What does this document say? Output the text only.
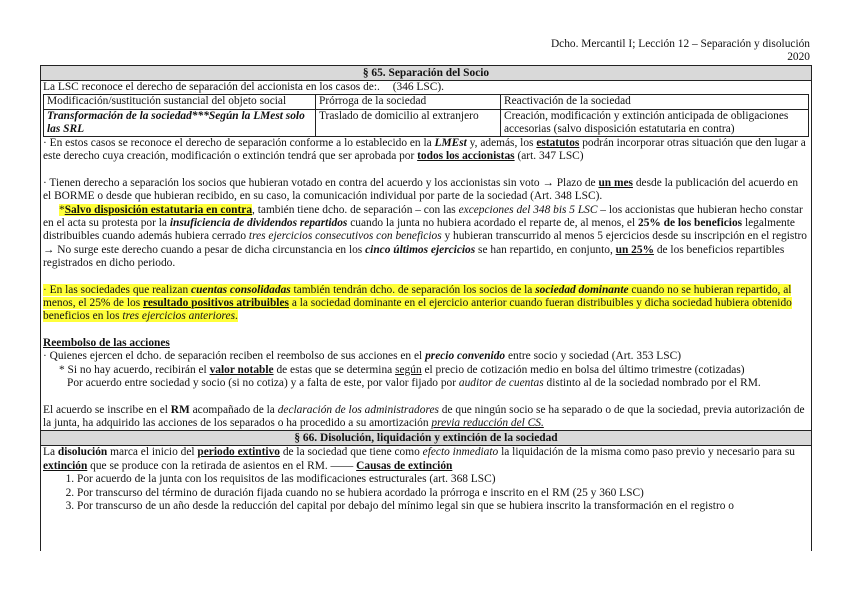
Dcho. Mercantil I; Lección 12 – Separación y disolución
2020
§ 65. Separación del Socio
La LSC reconoce el derecho de separación del accionista en los casos de:. (346 LSC).
Modificación/sustitución sustancial del objeto social	Prórroga de la sociedad	Reactivación de la sociedad
Transformación de la sociedad***Según la LMest solo las SRL	Traslado de domicilio al extranjero	Creación, modificación y extinción anticipada de obligaciones accesorias (salvo disposición estatutaria en contra)
· En estos casos se reconoce el derecho de separación conforme a lo establecido en la LMEst y, además, los estatutos podrán incorporar otras situación que den lugar a este derecho cuya creación, modificación o extinción tendrá que ser aprobada por todos los accionistas (art. 347 LSC)
· Tienen derecho a separación los socios que hubieran votado en contra del acuerdo y los accionistas sin voto → Plazo de un mes desde la publicación del acuerdo en el BORME o desde que hubieran recibido, en su caso, la comunicación individual por parte de la sociedad (Art. 348 LSC).
*Salvo disposición estatutaria en contra, también tiene dcho. de separación – con las excepciones del 348 bis 5 LSC – los accionistas que hubieran hecho constar en el acta su protesta por la insuficiencia de dividendos repartidos cuando la junta no hubiera acordado el reparte de, al menos, el 25% de los beneficios legalmente distribuibles cuando además hubiera cerrado tres ejercicios consecutivos con beneficios y hubieran transcurrido al menos 5 ejercicios desde su inscripción en el registro → No surge este derecho cuando a pesar de dicha circunstancia en los cinco últimos ejercicios se han repartido, en conjunto, un 25% de los beneficios repartibles registrados en dicho periodo.
· En las sociedades que realizan cuentas consolidadas también tendrán dcho. de separación los socios de la sociedad dominante cuando no se hubieran repartido, al menos, el 25% de los resultado positivos atribuibles a la sociedad dominante en el ejercicio anterior cuando fueran distribuibles y dicha sociedad hubiera obtenido beneficios en los tres ejercicios anteriores.
Reembolso de las acciones
· Quienes ejercen el dcho. de separación reciben el reembolso de sus acciones en el precio convenido entre socio y sociedad (Art. 353 LSC)
* Si no hay acuerdo, recibirán el valor notable de estas que se determina según el precio de cotización medio en bolsa del último trimestre (cotizadas)
Por acuerdo entre sociedad y socio (si no cotiza) y a falta de este, por valor fijado por auditor de cuentas distinto al de la sociedad nombrado por el RM.
El acuerdo se inscribe en el RM acompañado de la declaración de los administradores de que ningún socio se ha separado o de que la sociedad, previa autorización de la junta, ha adquirido las acciones de los separados o ha procedido a su amortización previa reducción del CS.
§ 66. Disolución, liquidación y extinción de la sociedad
La disolución marca el inicio del periodo extintivo de la sociedad que tiene como efecto inmediato la liquidación de la misma como paso previo y necesario para su extinción que se produce con la retirada de asientos en el RM. —— Causas de extinción
1. Por acuerdo de la junta con los requisitos de las modificaciones estructurales (art. 368 LSC)
2. Por transcurso del término de duración fijada cuando no se hubiera acordado la prórroga e inscrito en el RM (25 y 360 LSC)
3. Por transcurso de un año desde la reducción del capital por debajo del mínimo legal sin que se hubiera inscrito la transformación en el registro o
